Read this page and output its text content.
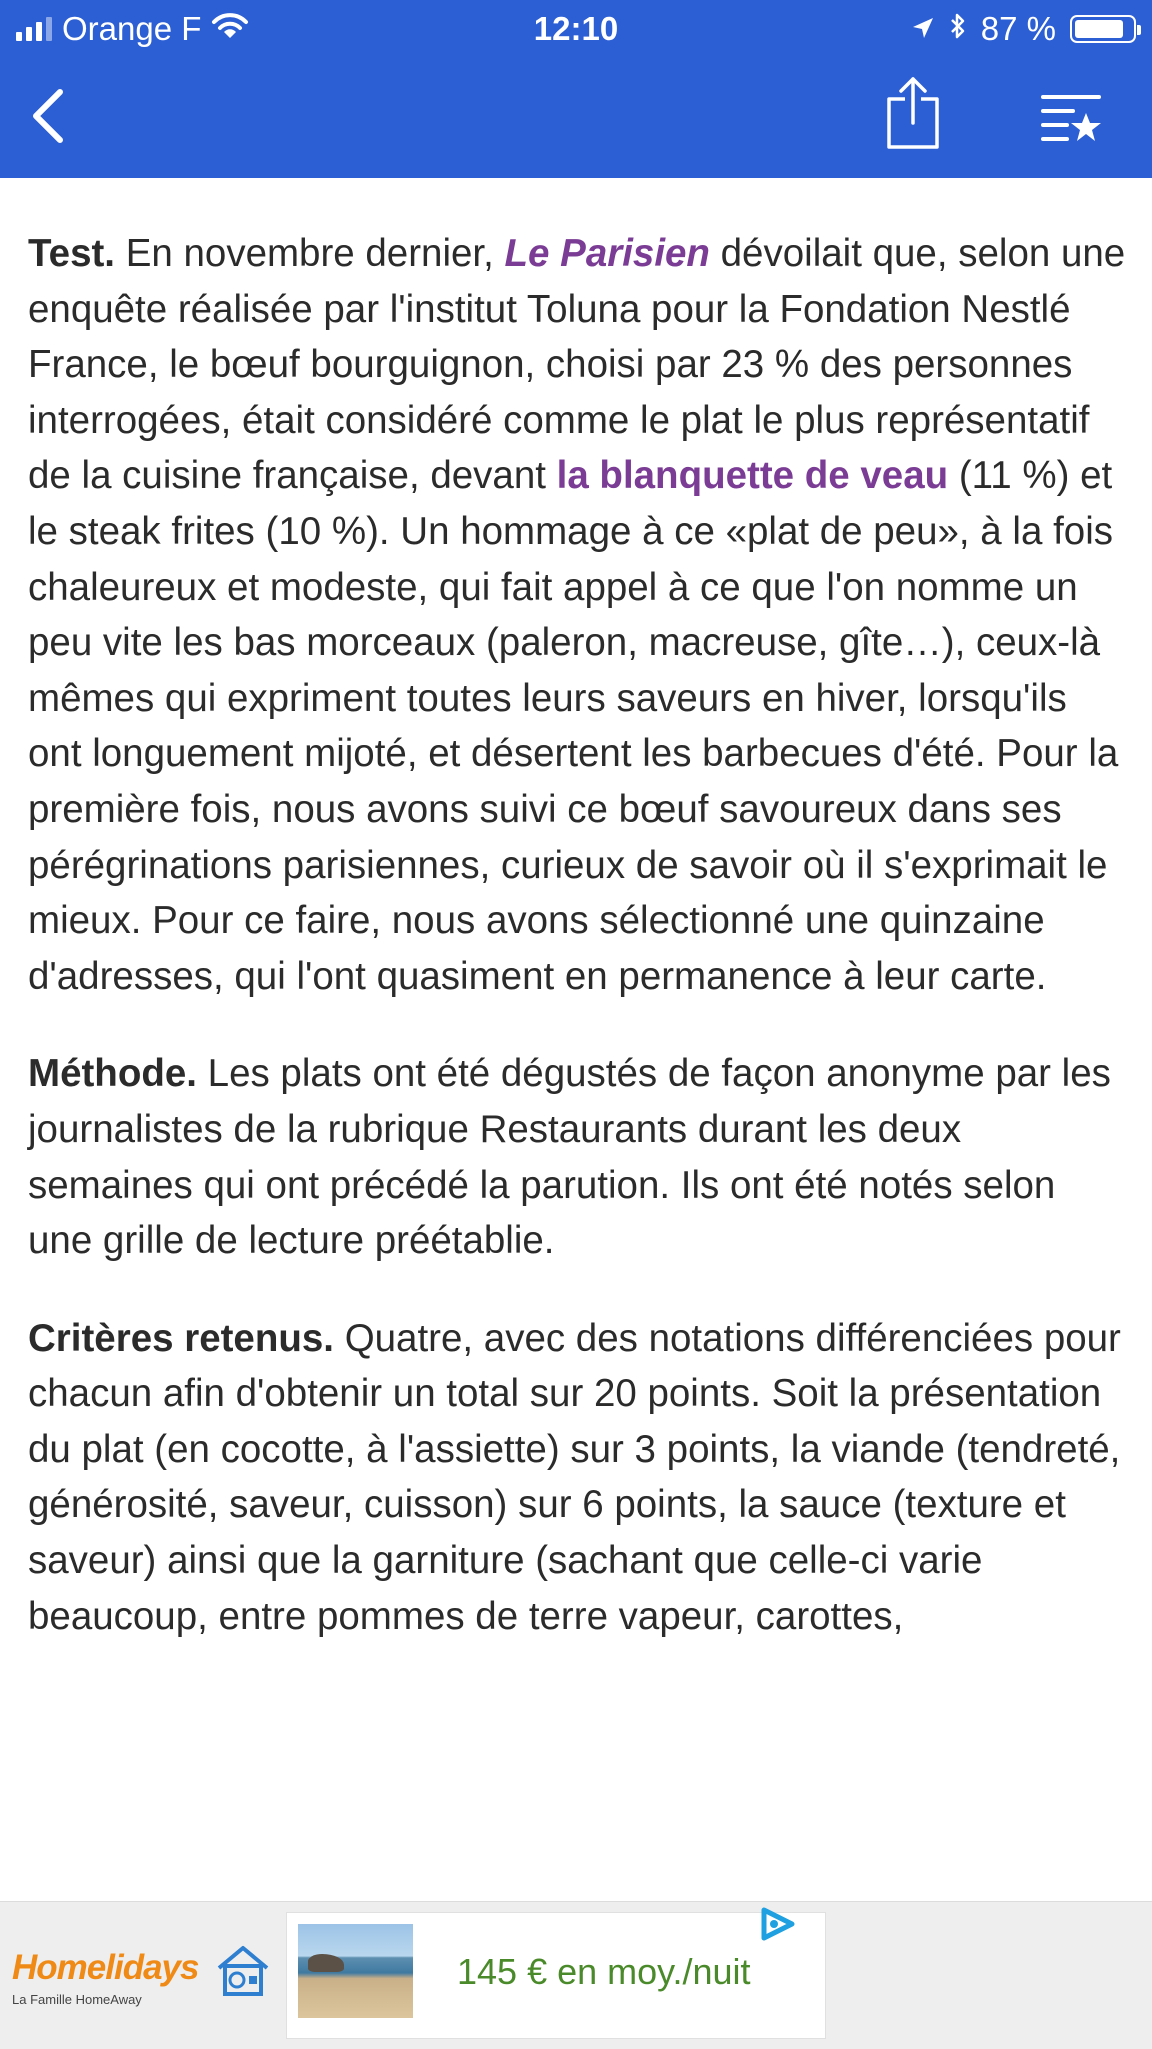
Orange F	12:10	87 %

Test. En novembre dernier, Le Parisien dévoilait que, selon une enquête réalisée par l'institut Toluna pour la Fondation Nestlé France, le bœuf bourguignon, choisi par 23 % des personnes interrogées, était considéré comme le plat le plus représentatif de la cuisine française, devant la blanquette de veau (11 %) et le steak frites (10 %). Un hommage à ce «plat de peu», à la fois chaleureux et modeste, qui fait appel à ce que l'on nomme un peu vite les bas morceaux (paleron, macreuse, gîte…), ceux-là mêmes qui expriment toutes leurs saveurs en hiver, lorsqu'ils ont longuement mijoté, et désertent les barbecues d'été. Pour la première fois, nous avons suivi ce bœuf savoureux dans ses pérégrinations parisiennes, curieux de savoir où il s'exprimait le mieux. Pour ce faire, nous avons sélectionné une quinzaine d'adresses, qui l'ont quasiment en permanence à leur carte.

Méthode. Les plats ont été dégustés de façon anonyme par les journalistes de la rubrique Restaurants durant les deux semaines qui ont précédé la parution. Ils ont été notés selon une grille de lecture préétablie.

Critères retenus. Quatre, avec des notations différenciées pour chacun afin d'obtenir un total sur 20 points. Soit la présentation du plat (en cocotte, à l'assiette) sur 3 points, la viande (tendreté, générosité, saveur, cuisson) sur 6 points, la sauce (texture et saveur) ainsi que la garniture (sachant que celle-ci varie beaucoup, entre pommes de terre vapeur, carottes,

Homelidays
La Famille HomeAway
145 € en moy./nuit
